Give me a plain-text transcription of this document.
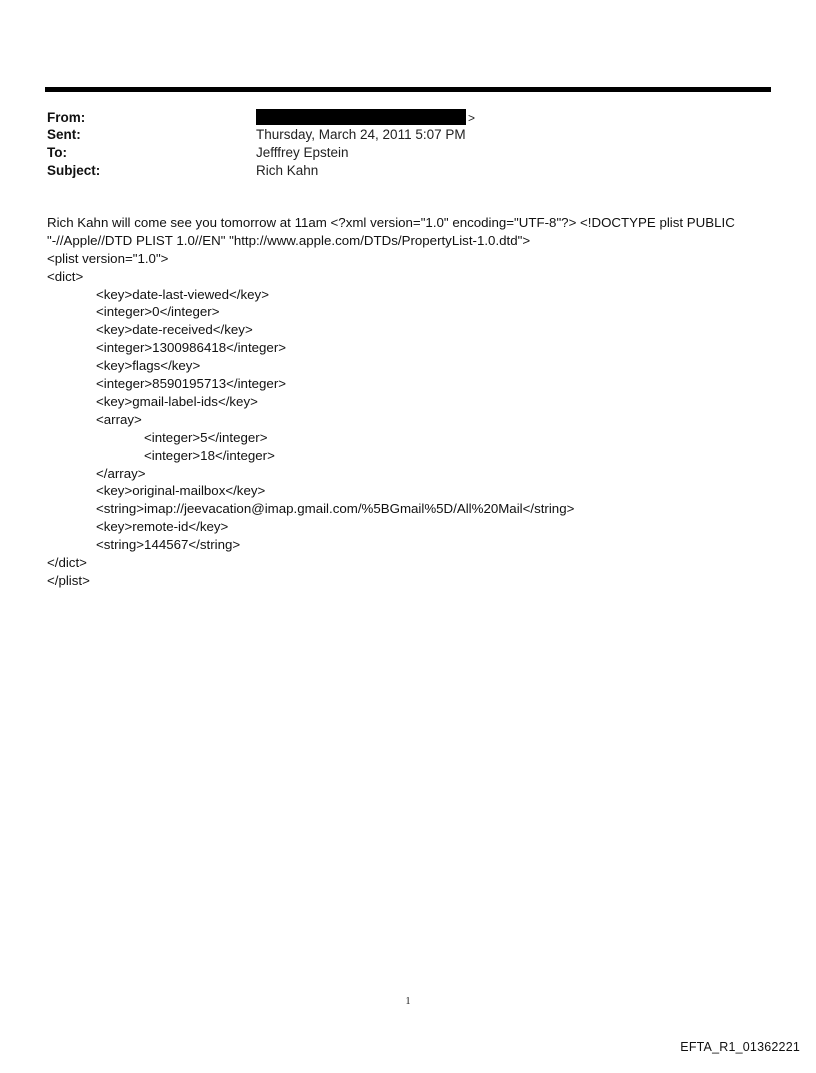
From:	>
Sent:	Thursday, March 24, 2011 5:07 PM
To:	Jefffrey Epstein
Subject:	Rich Kahn
Rich Kahn will come see you tomorrow at 11am <?xml version="1.0" encoding="UTF-8"?> <!DOCTYPE plist PUBLIC "-//Apple//DTD PLIST 1.0//EN" "http://www.apple.com/DTDs/PropertyList-1.0.dtd">
<plist version="1.0">
<dict>
<key>date-last-viewed</key>
<integer>0</integer>
<key>date-received</key>
<integer>1300986418</integer>
<key>flags</key>
<integer>8590195713</integer>
<key>gmail-label-ids</key>
<array>
<integer>5</integer>
<integer>18</integer>
</array>
<key>original-mailbox</key>
<string>imap://jeevacation@imap.gmail.com/%5BGmail%5D/All%20Mail</string>
<key>remote-id</key>
<string>144567</string>
</dict>
</plist>
1
EFTA_R1_01362221
